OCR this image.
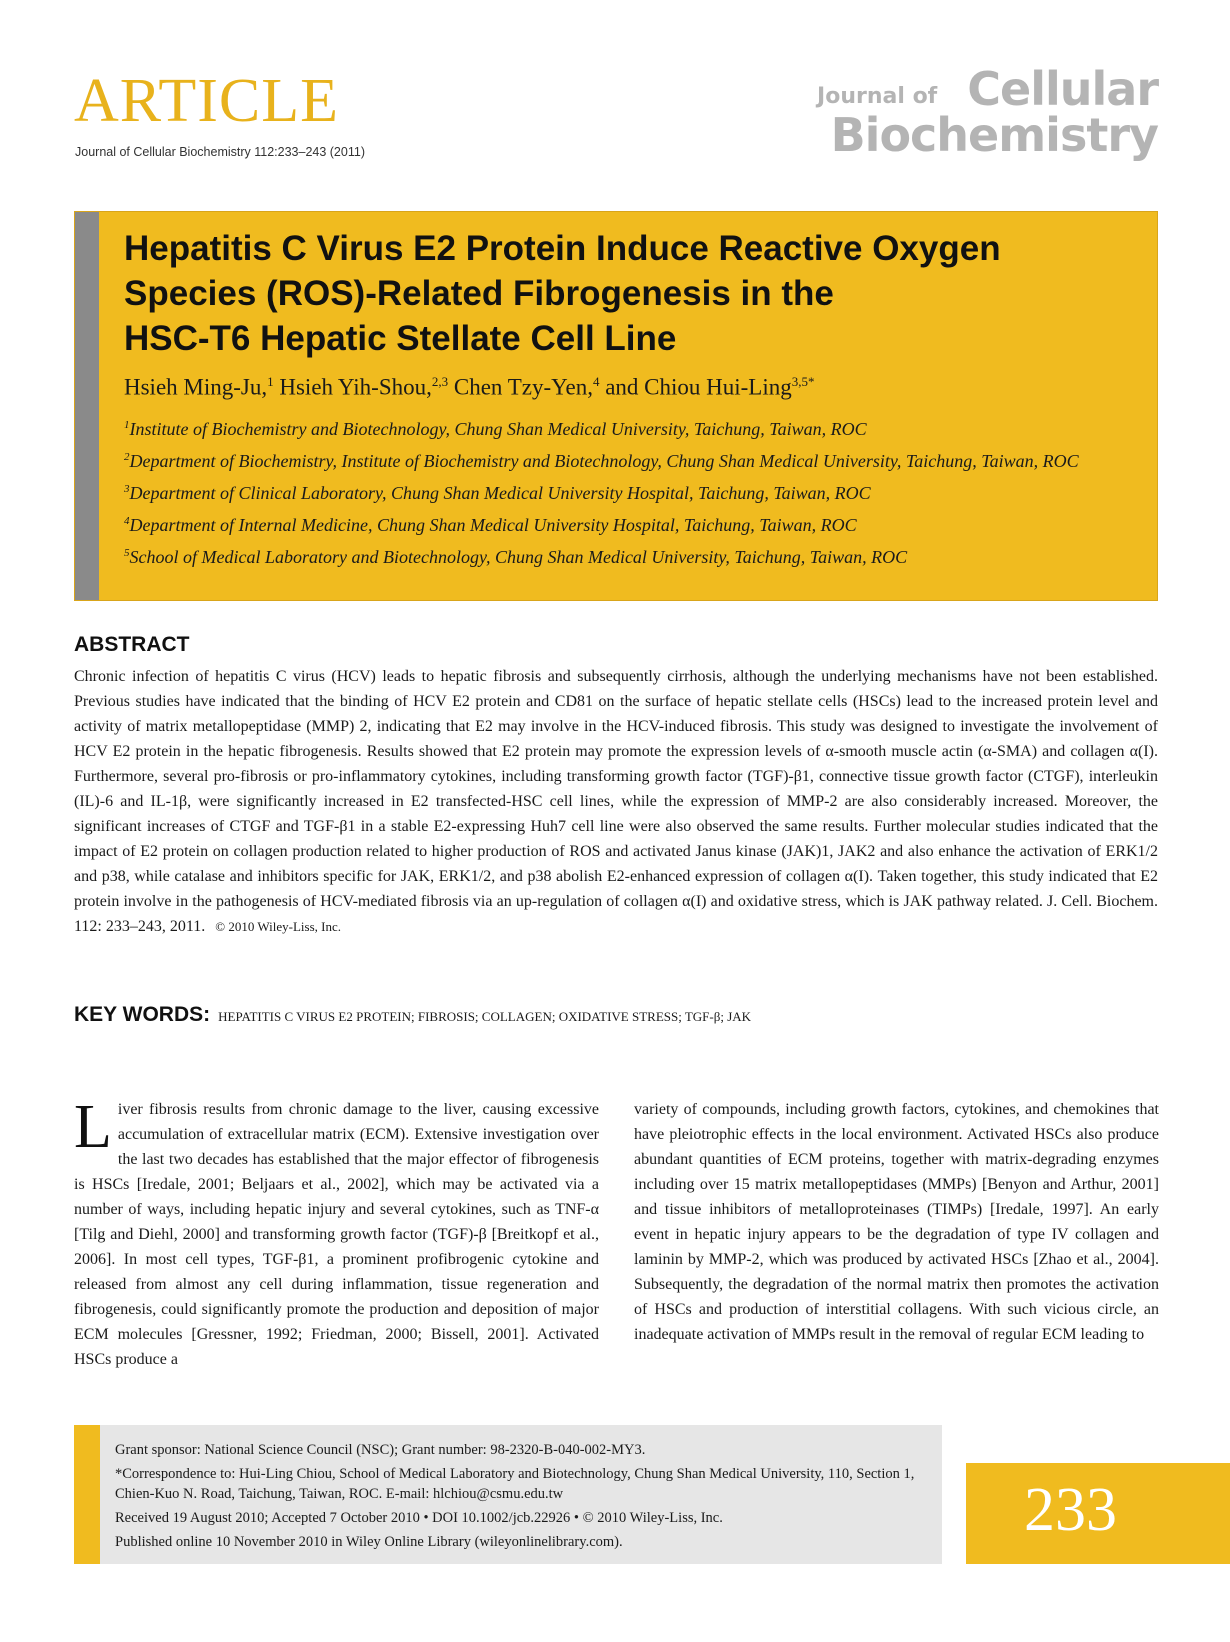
ARTICLE
Journal of Cellular Biochemistry 112:233–243 (2011)
Journal of Cellular
Biochemistry
Hepatitis C Virus E2 Protein Induce Reactive Oxygen
Species (ROS)-Related Fibrogenesis in the
HSC-T6 Hepatic Stellate Cell Line
Hsieh Ming-Ju,$^1$ Hsieh Yih-Shou,$^{2,3}$ Chen Tzy-Yen,$^4$ and Chiou Hui-Ling$^{3,5*}$
$^1$Institute of Biochemistry and Biotechnology, Chung Shan Medical University, Taichung, Taiwan, ROC
$^2$Department of Biochemistry, Institute of Biochemistry and Biotechnology, Chung Shan Medical University, Taichung, Taiwan, ROC
$^3$Department of Clinical Laboratory, Chung Shan Medical University Hospital, Taichung, Taiwan, ROC
$^4$Department of Internal Medicine, Chung Shan Medical University Hospital, Taichung, Taiwan, ROC
$^5$School of Medical Laboratory and Biotechnology, Chung Shan Medical University, Taichung, Taiwan, ROC
ABSTRACT
Chronic infection of hepatitis C virus (HCV) leads to hepatic fibrosis and subsequently cirrhosis, although the underlying mechanisms have not been established. Previous studies have indicated that the binding of HCV E2 protein and CD81 on the surface of hepatic stellate cells (HSCs) lead to the increased protein level and activity of matrix metallopeptidase (MMP) 2, indicating that E2 may involve in the HCV-induced fibrosis. This study was designed to investigate the involvement of HCV E2 protein in the hepatic fibrogenesis. Results showed that E2 protein may promote the expression levels of α-smooth muscle actin (α-SMA) and collagen α(I). Furthermore, several pro-fibrosis or pro-inflammatory cytokines, including transforming growth factor (TGF)-β1, connective tissue growth factor (CTGF), interleukin (IL)-6 and IL-1β, were significantly increased in E2 transfected-HSC cell lines, while the expression of MMP-2 are also considerably increased. Moreover, the significant increases of CTGF and TGF-β1 in a stable E2-expressing Huh7 cell line were also observed the same results. Further molecular studies indicated that the impact of E2 protein on collagen production related to higher production of ROS and activated Janus kinase (JAK)1, JAK2 and also enhance the activation of ERK1/2 and p38, while catalase and inhibitors specific for JAK, ERK1/2, and p38 abolish E2-enhanced expression of collagen α(I). Taken together, this study indicated that E2 protein involve in the pathogenesis of HCV-mediated fibrosis via an up-regulation of collagen α(I) and oxidative stress, which is JAK pathway related. J. Cell. Biochem. 112: 233–243, 2011. © 2010 Wiley-Liss, Inc.
KEY WORDS: HEPATITIS C VIRUS E2 PROTEIN; FIBROSIS; COLLAGEN; OXIDATIVE STRESS; TGF-β; JAK
Liver fibrosis results from chronic damage to the liver, causing excessive accumulation of extracellular matrix (ECM). Extensive investigation over the last two decades has established that the major effector of fibrogenesis is HSCs [Iredale, 2001; Beljaars et al., 2002], which may be activated via a number of ways, including hepatic injury and several cytokines, such as TNF-α [Tilg and Diehl, 2000] and transforming growth factor (TGF)-β [Breitkopf et al., 2006]. In most cell types, TGF-β1, a prominent profibrogenic cytokine and released from almost any cell during inflammation, tissue regeneration and fibrogenesis, could significantly promote the production and deposition of major ECM molecules [Gressner, 1992; Friedman, 2000; Bissell, 2001]. Activated HSCs produce a
variety of compounds, including growth factors, cytokines, and chemokines that have pleiotrophic effects in the local environment. Activated HSCs also produce abundant quantities of ECM proteins, together with matrix-degrading enzymes including over 15 matrix metallopeptidases (MMPs) [Benyon and Arthur, 2001] and tissue inhibitors of metalloproteinases (TIMPs) [Iredale, 1997]. An early event in hepatic injury appears to be the degradation of type IV collagen and laminin by MMP-2, which was produced by activated HSCs [Zhao et al., 2004]. Subsequently, the degradation of the normal matrix then promotes the activation of HSCs and production of interstitial collagens. With such vicious circle, an inadequate activation of MMPs result in the removal of regular ECM leading to

Grant sponsor: National Science Council (NSC); Grant number: 98-2320-B-040-002-MY3.

*Correspondence to: Hui-Ling Chiou, School of Medical Laboratory and Biotechnology, Chung Shan Medical University, 110, Section 1, Chien-Kuo N. Road, Taichung, Taiwan, ROC. E-mail: hlchiou@csmu.edu.tw

Received 19 August 2010; Accepted 7 October 2010 • DOI 10.1002/jcb.22926 • © 2010 Wiley-Liss, Inc.

Published online 10 November 2010 in Wiley Online Library (wileyonlinelibrary.com).	233
